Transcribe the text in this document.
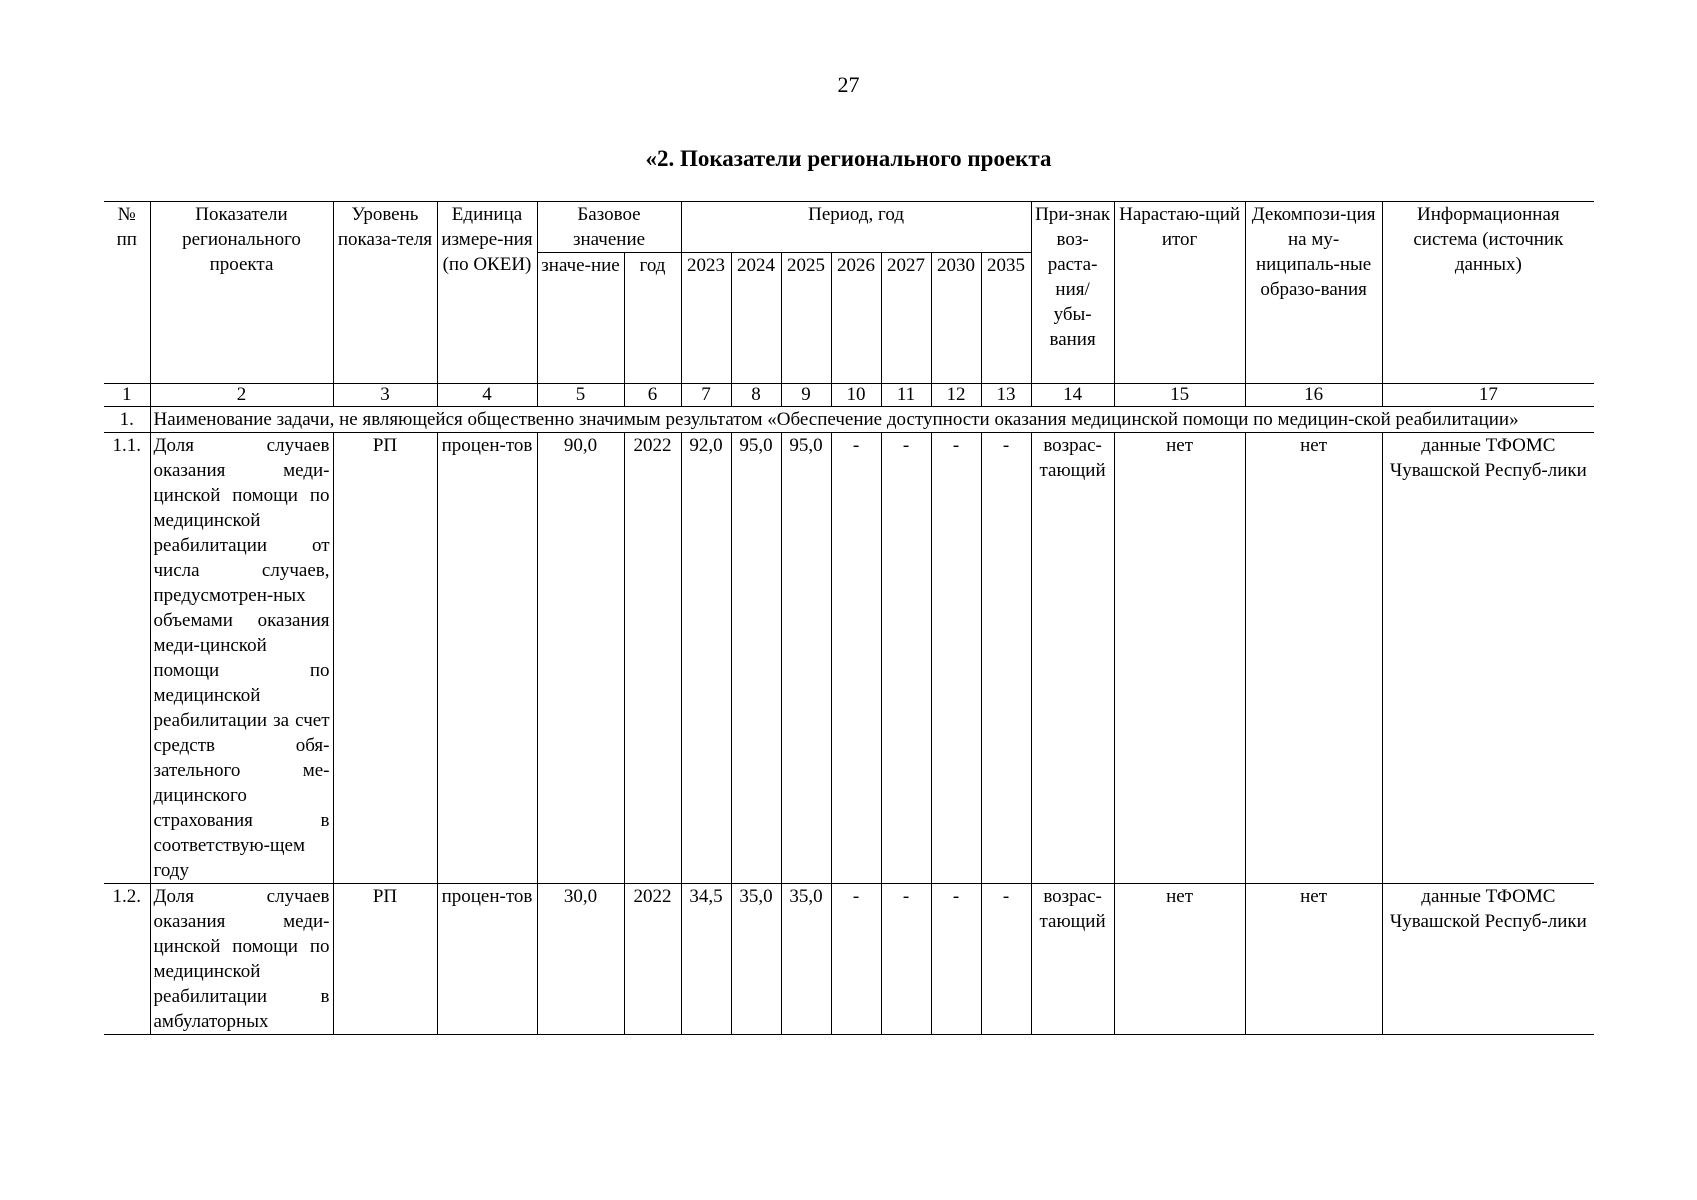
27
«2. Показатели регионального проекта
№ пп	Показатели регионального проекта	Уровень показа-теля	Единица измере-ния (по ОКЕИ)	Базовое значение		Период, год							При-знак воз-раста-ния/ убы-вания	Нарастаю-щий итог	Декомпози-ция на му-ниципаль-ные образо-вания	Информационная система (источник данных)
				значе-ние	год	2023	2024	2025	2026	2027	2030	2035				
1	2	3	4	5	6	7	8	9	10	11	12	13	14	15	16	17
1.	Наименование задачи, не являющейся общественно значимым результатом «Обеспечение доступности оказания медицинской помощи по медицин-ской реабилитации»															
1.1.	Доля случаев оказания меди-цинской помощи по медицинской реабилитации от числа случаев, предусмотрен-ных объемами оказания меди-цинской помощи по медицинской реабилитации за счет средств обя-зательного ме-дицинского страхования в соответствую-щем году	РП	процен-тов	90,0	2022	92,0	95,0	95,0	-	-	-	-	возрас-тающий	нет	нет	данные ТФОМС Чувашской Респуб-лики
1.2.	Доля случаев оказания меди-цинской помощи по медицинской реабилитации в амбулаторных	РП	процен-тов	30,0	2022	34,5	35,0	35,0	-	-	-	-	возрас-тающий	нет	нет	данные ТФОМС Чувашской Респуб-лики
